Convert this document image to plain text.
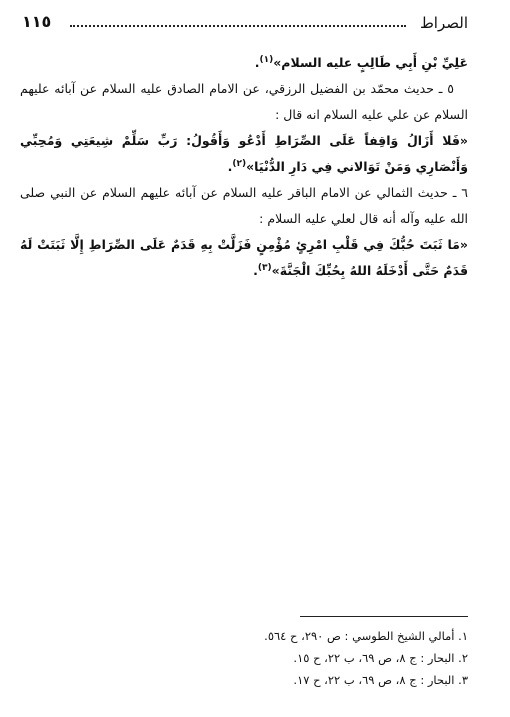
الصراط
١١٥

عَلِيِّ بْنِ أَبِي طَالِبٍ عليه السلام»$^{(١)}$.

٥ ـ حديث محمّد بن الفضيل الرزقي، عن الامام الصادق عليه السلام عن آبائه عليهم السلام عن علي عليه السلام انه قال :

«فَلا أَزَالُ وَاقِفاً عَلَى الصِّرَاطِ أَدْعُو وَأَقُولُ: رَبِّ سَلِّمْ شِيعَتِي وَمُحِبِّي وَأَنْصَارِي وَمَنْ تَوَالاني فِي دَارِ الدُّنْيَا»$^{(٢)}$.

٦ ـ حديث الثمالي عن الامام الباقر عليه السلام عن آبائه عليهم السلام عن النبي صلى الله عليه وآله أنه قال لعلي عليه السلام :

«مَا ثَبَتَ حُبُّكَ فِي قَلْبِ امْرِئٍ مُؤْمِنٍ فَزَلَّتْ بِهِ قَدَمٌ عَلَى الصِّرَاطِ إِلَّا ثَبَتَتْ لَهُ قَدَمٌ حَتَّى أَدْخَلَهُ اللهُ بِحُبِّكَ الْجَنَّةَ»$^{(٣)}$.

١. أمالي الشيخ الطوسي : ص ٢٩٠، ح ٥٦٤.

٢. البحار : ج ٨، ص ٦٩، ب ٢٢، ح ١٥.

٣. البحار : ج ٨، ص ٦٩، ب ٢٢، ح ١٧.
